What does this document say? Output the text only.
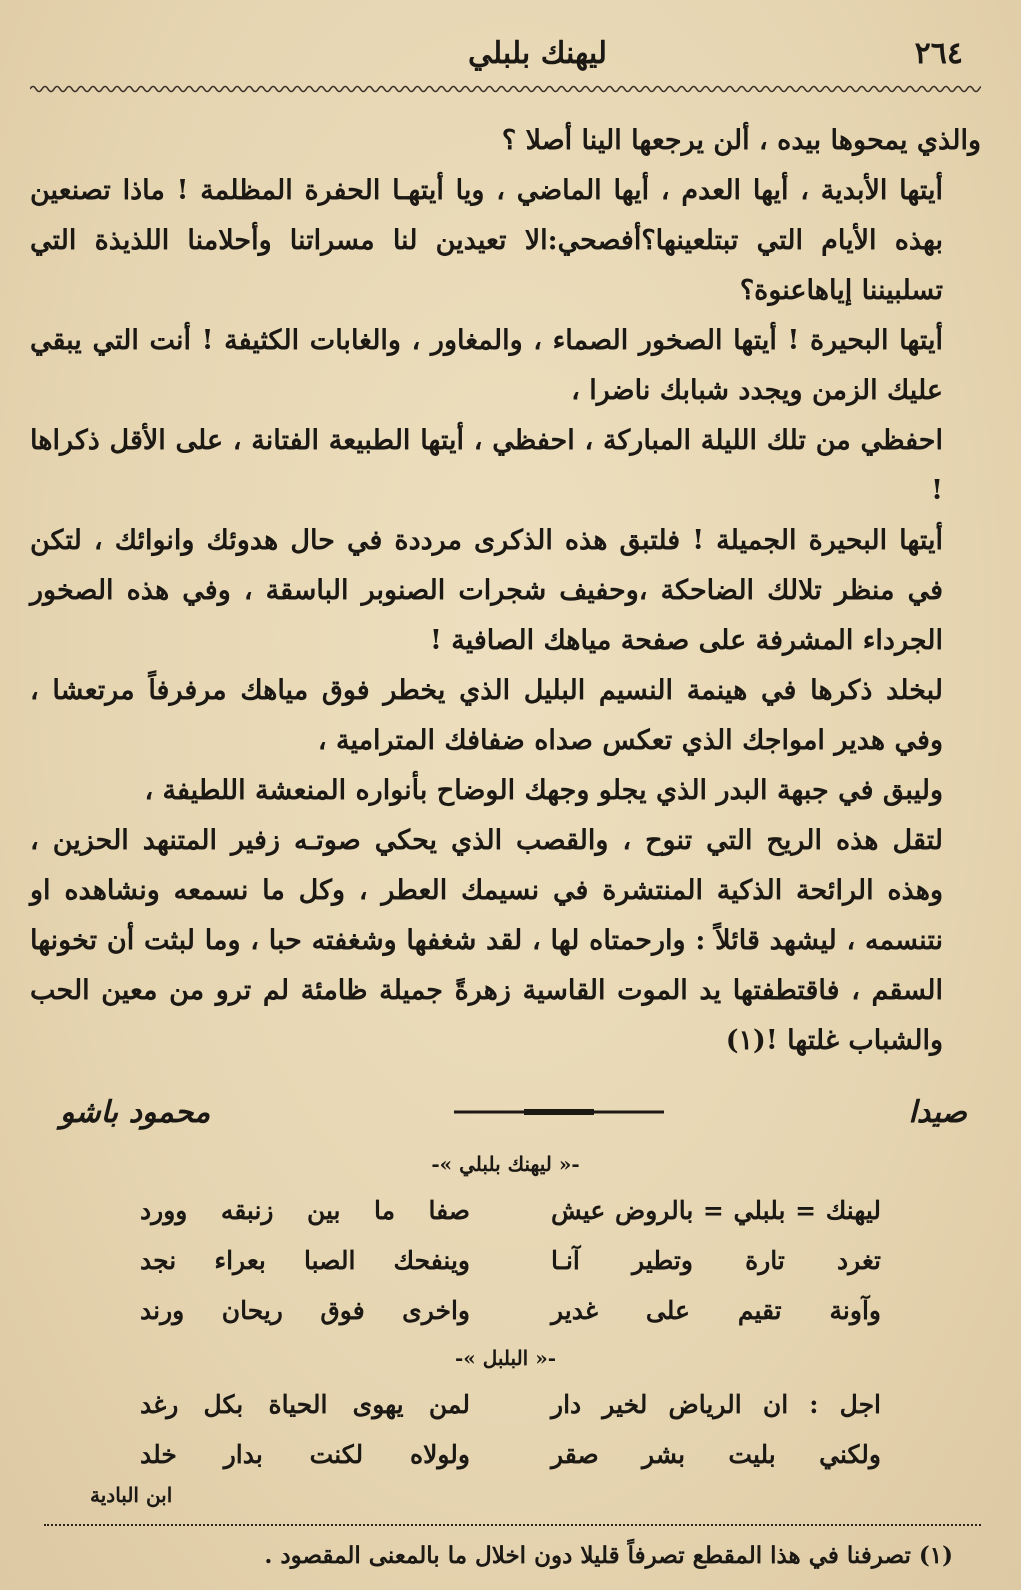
٢٦٤
ليهنك بلبلي

والذي يمحوها بيده ، ألن يرجعها الينا أصلا ؟

أيتها الأبدية ، أيها العدم ، أيها الماضي ، ويا أيتهـا الحفرة المظلمة ! ماذا تصنعين بهذه الأيام التي تبتلعينها؟أفصحي:الا تعيدين لنا مسراتنا وأحلامنا اللذيذة التي تسلبيننا إياهاعنوة؟

أيتها البحيرة ! أيتها الصخور الصماء ، والمغاور ، والغابات الكثيفة ! أنت التي يبقي عليك الزمن ويجدد شبابك ناضرا ،

احفظي من تلك الليلة المباركة ، احفظي ، أيتها الطبيعة الفتانة ، على الأقل ذكراها !

أيتها البحيرة الجميلة ! فلتبق هذه الذكرى مرددة في حال هدوئك وانوائك ، لتكن في منظر تلالك الضاحكة ،وحفيف شجرات الصنوبر الباسقة ، وفي هذه الصخور الجرداء المشرفة على صفحة مياهك الصافية !

لبخلد ذكرها في هينمة النسيم البليل الذي يخطر فوق مياهك مرفرفاً مرتعشا ، وفي هدير امواجك الذي تعكس صداه ضفافك المترامية ،

وليبق في جبهة البدر الذي يجلو وجهك الوضاح بأنواره المنعشة اللطيفة ،

لتقل هذه الريح التي تنوح ، والقصب الذي يحكي صوتـه زفير المتنهد الحزين ، وهذه الرائحة الذكية المنتشرة في نسيمك العطر ، وكل ما نسمعه ونشاهده او نتنسمه ، ليشهد قائلاً : وارحمتاه لها ، لقد شغفها وشغفته حبا ، وما لبثت أن تخونها السقم ، فاقتطفتها يد الموت القاسية زهرةً جميلة ظامئة لم ترو من معين الحب والشباب غلتها !(١)

صيدا
محمود باشو
-« ليهنك بلبلي »-
ليهنك = بلبلي = بالروض عيش
صفا ما بين زنبقه وورد
تغرد تارة وتطير آنـا
وينفحك الصبا بعراء نجد
وآونة تقيم على غدير
واخرى فوق ريحان ورند
-« البلبل »-
اجل : ان الرياض لخير دار
لمن يهوى الحياة بكل رغد
ولكني بليت بشر صقر
ولولاه لكنت بدار خلد
ابن البادية
(١) تصرفنا في هذا المقطع تصرفاً قليلا دون اخلال ما بالمعنى المقصود .
